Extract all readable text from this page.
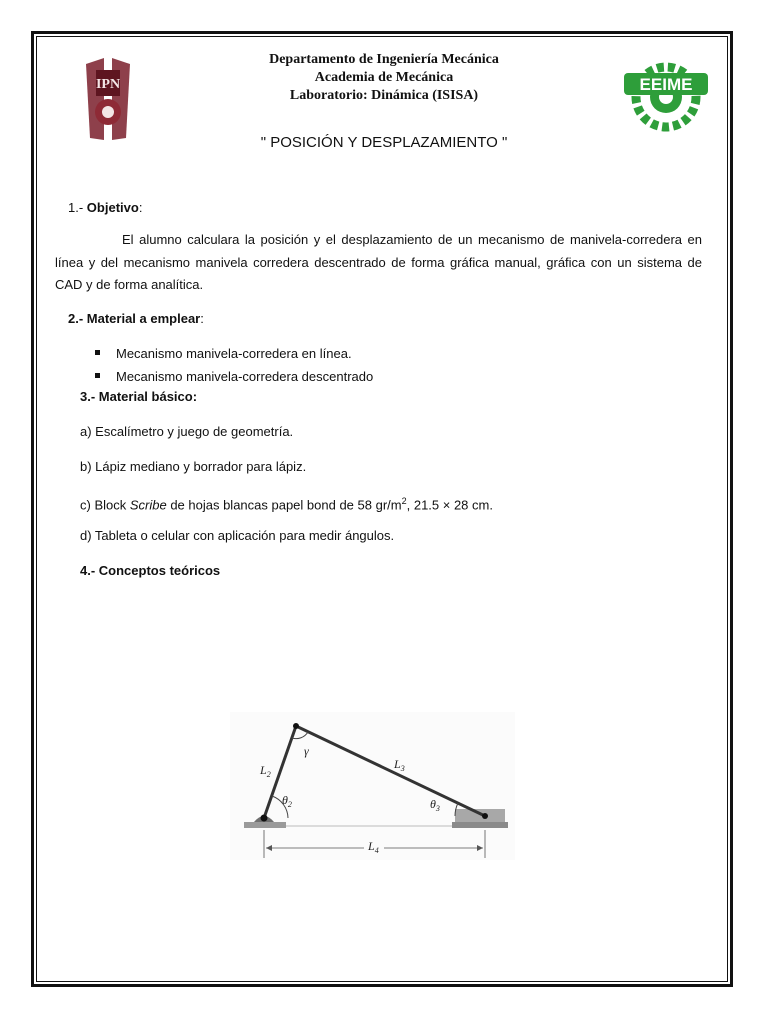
IPN	EEIME
Departamento de Ingeniería Mecánica
Academia de Mecánica
Laboratorio: Dinámica (ISISA)
" POSICIÓN Y DESPLAZAMIENTO "
1.- Objetivo:
El alumno calculara la posición y el desplazamiento de un mecanismo de manivela-corredera en línea y del mecanismo manivela corredera descentrado de forma gráfica manual, gráfica con un sistema de CAD y de forma analítica.
2.- Material a emplear:
Mecanismo manivela-corredera en línea.
Mecanismo manivela-corredera descentrado
3.- Material básico:
a) Escalímetro y juego de geometría.
b) Lápiz mediano y borrador para lápiz.
c) Block Scribe de hojas blancas papel bond de 58 $gr/m^2$, 21.5 × 28 cm.
d) Tableta o celular con aplicación para medir ángulos.
4.- Conceptos teóricos
$L_2$
$L_3$
$L_4$
$\theta_2$	$\theta_3$
γ
